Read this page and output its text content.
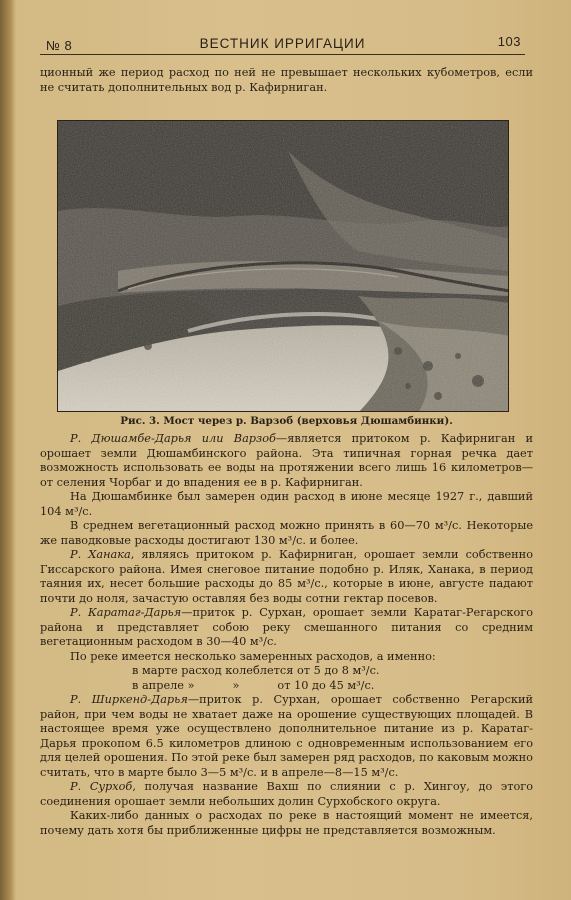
№ 8	ВЕСТНИК ИРРИГАЦИИ	103

ционный же период расход по ней не превышает нескольких кубометров, если не считать дополнительных вод р. Кафирниган.

Рис. 3. Мост через р. Варзоб (верховья Дюшамбинки).

Р. Дюшамбе-Дарья или Варзоб—является притоком р. Кафирниган и орошает земли Дюшамбинского района. Эта типичная горная речка дает возможность использовать ее воды на протяжении всего лишь 16 километров—от селения Чорбаг и до впадения ее в р. Кафирниган.

На Дюшамбинке был замерен один расход в июне месяце 1927 г., давший 104 м³/с.

В среднем вегетационный расход можно принять в 60—70 м³/с. Некоторые же паводковые расходы достигают 130 м³/с. и более.

Р. Ханака, являясь притоком р. Кафирниган, орошает земли собственно Гиссарского района. Имея снеговое питание подобно р. Иляк, Ханака, в период таяния их, несет большие расходы до 85 м³/с., которые в июне, августе падают почти до ноля, зачастую оставляя без воды сотни гектар посевов.

Р. Каратаг-Дарья—приток р. Сурхан, орошает земли Каратаг-Регарского района и представляет собою реку смешанного питания со средним вегетационным расходом в 30—40 м³/с.

По реке имеется несколько замеренных расходов, а именно:

в марте расход колеблется от 5 до 8 м³/с.

в апреле »	»	от 10 до 45 м³/с.

Р. Ширкенд-Дарья—приток р. Сурхан, орошает собственно Регарский район, при чем воды не хватает даже на орошение существующих площадей. В настоящее время уже осуществлено дополнительное питание из р. Каратаг-Дарья прокопом 6.5 километров длиною с одновременным использованием его для целей орошения. По этой реке был замерен ряд расходов, по каковым можно считать, что в марте было 3—5 м³/с. и в апреле—8—15 м³/с.

Р. Сурхоб, получая название Вахш по слиянии с р. Хингоу, до этого соединения орошает земли небольших долин Сурхобского округа.

Каких-либо данных о расходах по реке в настоящий момент не имеется, почему дать хотя бы приближенные цифры не представляется возможным.
